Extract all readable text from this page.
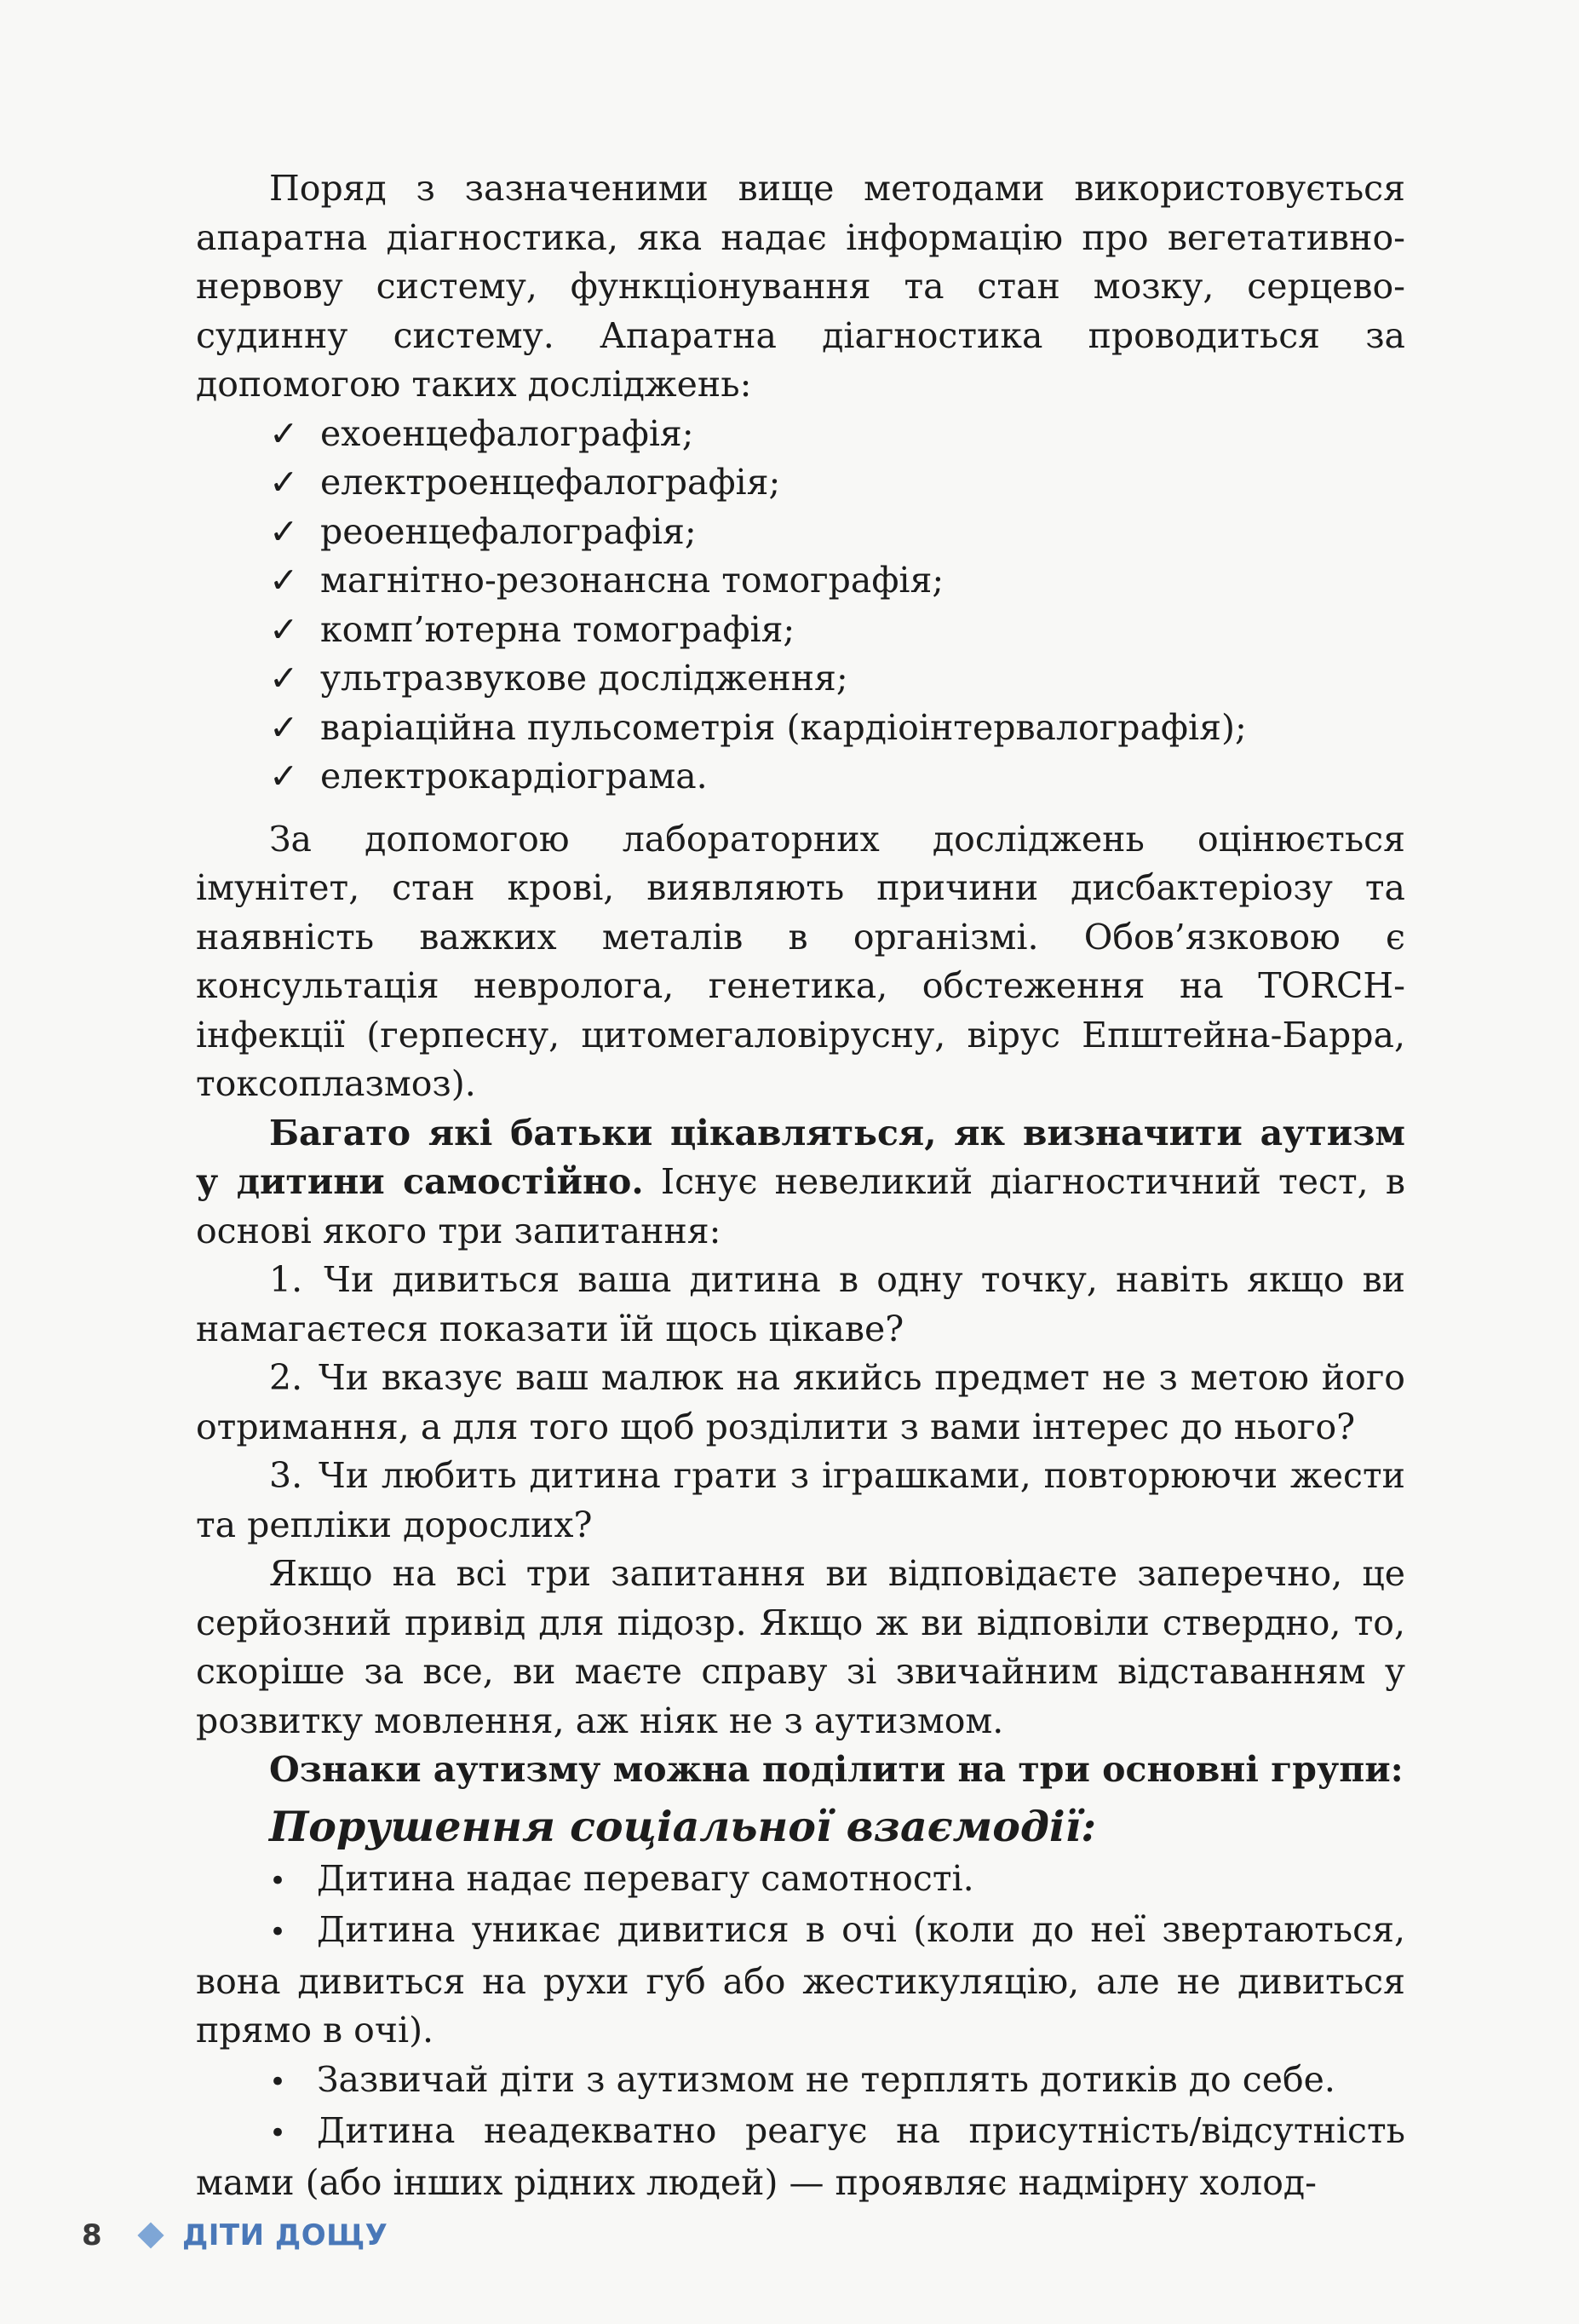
Поряд з зазначеними вище методами використовується апаратна діагностика, яка надає інформацію про вегетативно-нервову систему, функціонування та стан мозку, серцево-судинну систему. Апаратна діагностика проводиться за допомогою таких досліджень:

✓ ехоенцефалографія;
✓ електроенцефалографія;
✓ реоенцефалографія;
✓ магнітно-резонансна томографія;
✓ комп’ютерна томографія;
✓ ультразвукове дослідження;
✓ варіаційна пульсометрія (кардіоінтервалографія);
✓ електрокардіограма.

За допомогою лабораторних досліджень оцінюється імунітет, стан крові, виявляють причини дисбактеріозу та наявність важких металів в організмі. Обов’язковою є консультація невролога, генетика, обстеження на TORCH-інфекції (герпесну, цитомегаловірусну, вірус Епштейна-Барра, токсоплазмоз).

Багато які батьки цікавляться, як визначити аутизм у дитини самостійно. Існує невеликий діагностичний тест, в основі якого три запитання:

1. Чи дивиться ваша дитина в одну точку, навіть якщо ви намагаєтеся показати їй щось цікаве?

2. Чи вказує ваш малюк на якийсь предмет не з метою його отримання, а для того щоб розділити з вами інтерес до нього?

3. Чи любить дитина грати з іграшками, повторюючи жести та репліки дорослих?

Якщо на всі три запитання ви відповідаєте заперечно, це серйозний привід для підозр. Якщо ж ви відповіли ствердно, то, скоріше за все, ви маєте справу зі звичайним відставанням у розвитку мовлення, аж ніяк не з аутизмом.

Ознаки аутизму можна поділити на три основні групи:

Порушення соціальної взаємодії:
• Дитина надає перевагу самотності.
• Дитина уникає дивитися в очі (коли до неї звертаються, вона дивиться на рухи губ або жестикуляцію, але не дивиться прямо в очі).
• Зазвичай діти з аутизмом не терплять дотиків до себе.
• Дитина неадекватно реагує на присутність/відсутність мами (або інших рідних людей) — проявляє надмірну холод-
8	ДІТИ ДОЩУ
